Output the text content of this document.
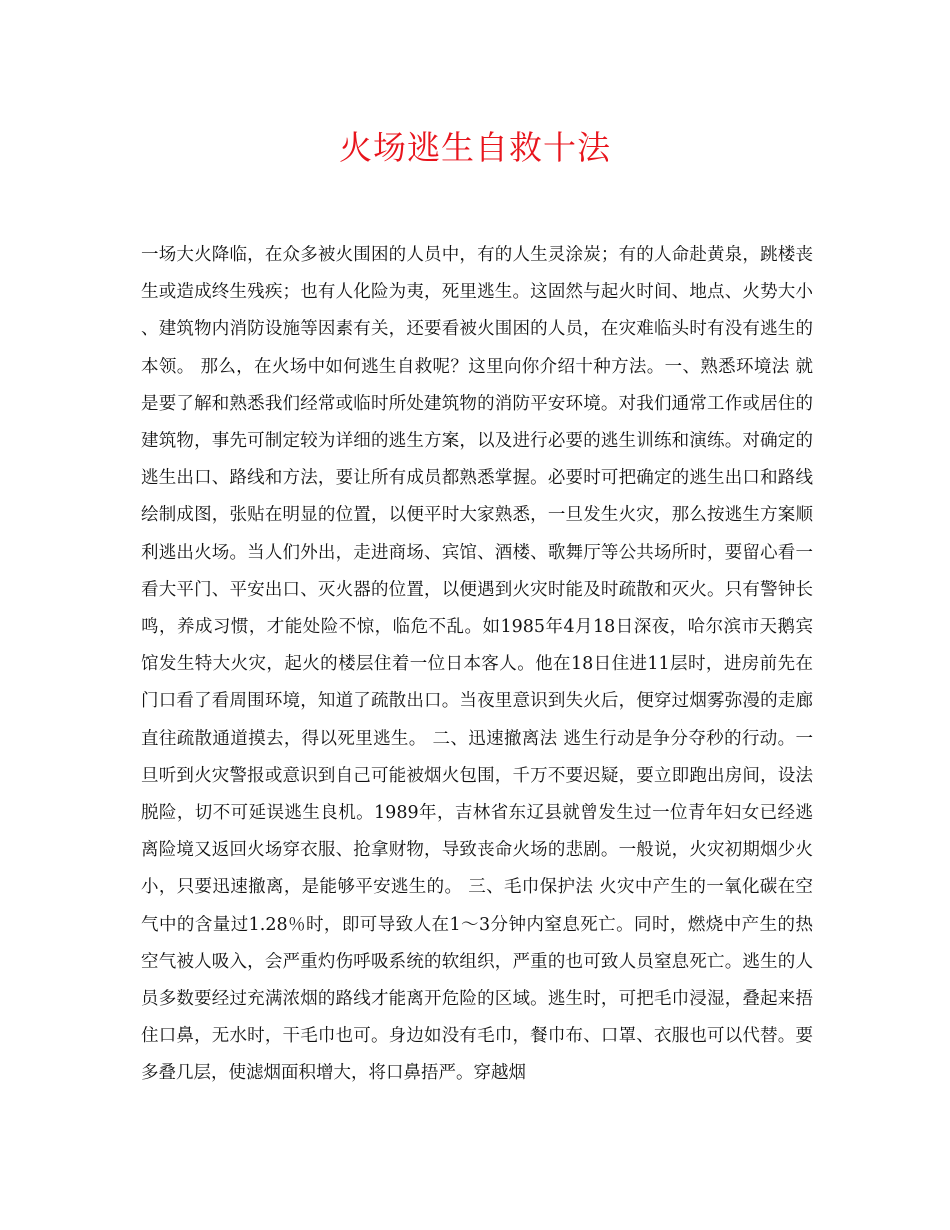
火场逃生自救十法

一场大火降临，在众多被火围困的人员中，有的人生灵涂炭；有的人命赴黄泉，跳楼丧生或造成终生残疾；也有人化险为夷，死里逃生。这固然与起火时间、地点、火势大小、建筑物内消防设施等因素有关，还要看被火围困的人员，在灾难临头时有没有逃生的本领。 那么，在火场中如何逃生自救呢？这里向你介绍十种方法。一、熟悉环境法 就是要了解和熟悉我们经常或临时所处建筑物的消防平安环境。对我们通常工作或居住的建筑物，事先可制定较为详细的逃生方案，以及进行必要的逃生训练和演练。对确定的逃生出口、路线和方法，要让所有成员都熟悉掌握。必要时可把确定的逃生出口和路线绘制成图，张贴在明显的位置，以便平时大家熟悉，一旦发生火灾，那么按逃生方案顺利逃出火场。当人们外出，走进商场、宾馆、酒楼、歌舞厅等公共场所时，要留心看一看大平门、平安出口、灭火器的位置，以便遇到火灾时能及时疏散和灭火。只有警钟长鸣，养成习惯，才能处险不惊，临危不乱。如1985年4月18日深夜，哈尔滨市天鹅宾馆发生特大火灾，起火的楼层住着一位日本客人。他在18日住进11层时，进房前先在门口看了看周围环境，知道了疏散出口。当夜里意识到失火后，便穿过烟雾弥漫的走廊直往疏散通道摸去，得以死里逃生。 二、迅速撤离法 逃生行动是争分夺秒的行动。一旦听到火灾警报或意识到自己可能被烟火包围，千万不要迟疑，要立即跑出房间，设法脱险，切不可延误逃生良机。1989年，吉林省东辽县就曾发生过一位青年妇女已经逃离险境又返回火场穿衣服、抢拿财物，导致丧命火场的悲剧。一般说，火灾初期烟少火小，只要迅速撤离，是能够平安逃生的。 三、毛巾保护法 火灾中产生的一氧化碳在空气中的含量过1.28％时，即可导致人在1～3分钟内窒息死亡。同时，燃烧中产生的热空气被人吸入，会严重灼伤呼吸系统的软组织，严重的也可致人员窒息死亡。逃生的人员多数要经过充满浓烟的路线才能离开危险的区域。逃生时，可把毛巾浸湿，叠起来捂住口鼻，无水时，干毛巾也可。身边如没有毛巾，餐巾布、口罩、衣服也可以代替。要多叠几层，使滤烟面积增大，将口鼻捂严。穿越烟
